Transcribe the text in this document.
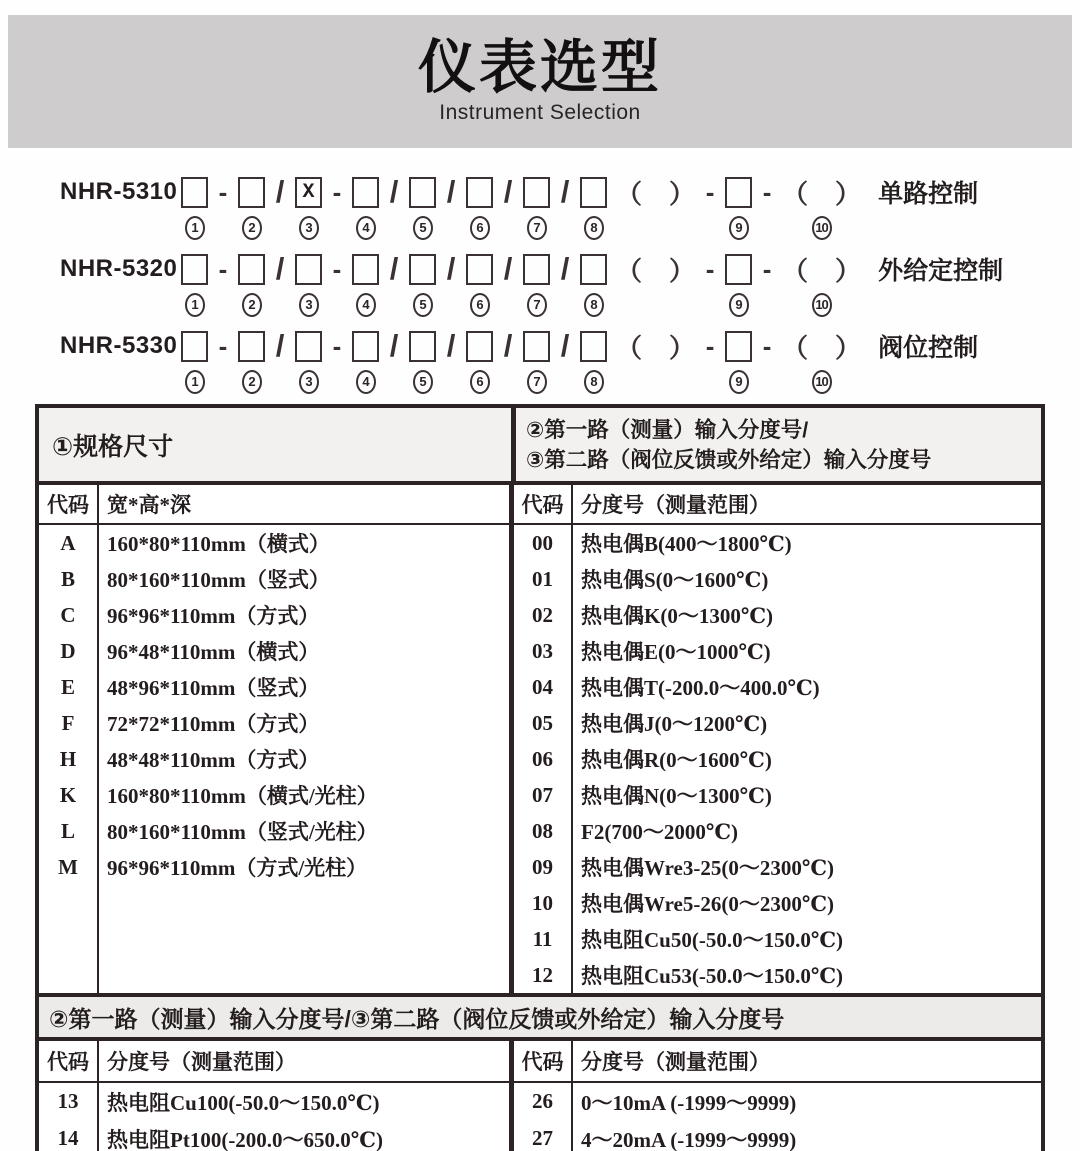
仪表选型
Instrument Selection
NHR-5310
1
-
2
/ X
3
-
4
/
5
/
6
/
7
/
8
（ ） -
9
- （ ）
10
单路控制
NHR-5320
1
-
2
/
3
-
4
/
5
/
6
/
7
/
8
（ ） -
9
- （ ）
10
外给定控制
NHR-5330
1
-
2
/
3
-
4
/
5
/
6
/
7
/
8
（ ） -
9
- （ ）
10
阀位控制
①规格尺寸
②第一路（测量）输入分度号/
③第二路（阀位反馈或外给定）输入分度号
代码 宽*高*深	代码 分度号（测量范围）
A
B
C
D
E
F
H
K
L
M
160*80*110mm（横式）
80*160*110mm（竖式）
96*96*110mm（方式）
96*48*110mm（横式）
48*96*110mm（竖式）
72*72*110mm（方式）
48*48*110mm（方式）
160*80*110mm（横式/光柱）
80*160*110mm（竖式/光柱）
96*96*110mm（方式/光柱）
00
01
02
03
04
05
06
07
08
09
10
11
12
热电偶B(400～1800℃)
热电偶S(0～1600℃)
热电偶K(0～1300℃)
热电偶E(0～1000℃)
热电偶T(-200.0～400.0℃)
热电偶J(0～1200℃)
热电偶R(0～1600℃)
热电偶N(0～1300℃)
F2(700～2000℃)
热电偶Wre3-25(0～2300℃)
热电偶Wre5-26(0～2300℃)
热电阻Cu50(-50.0～150.0℃)
热电阻Cu53(-50.0～150.0℃)
②第一路（测量）输入分度号/③第二路（阀位反馈或外给定）输入分度号
代码 分度号（测量范围）	代码 分度号（测量范围）
13
14
热电阻Cu100(-50.0～150.0℃)
热电阻Pt100(-200.0～650.0℃)
26
27
0～10mA (-1999～9999)
4～20mA (-1999～9999)
